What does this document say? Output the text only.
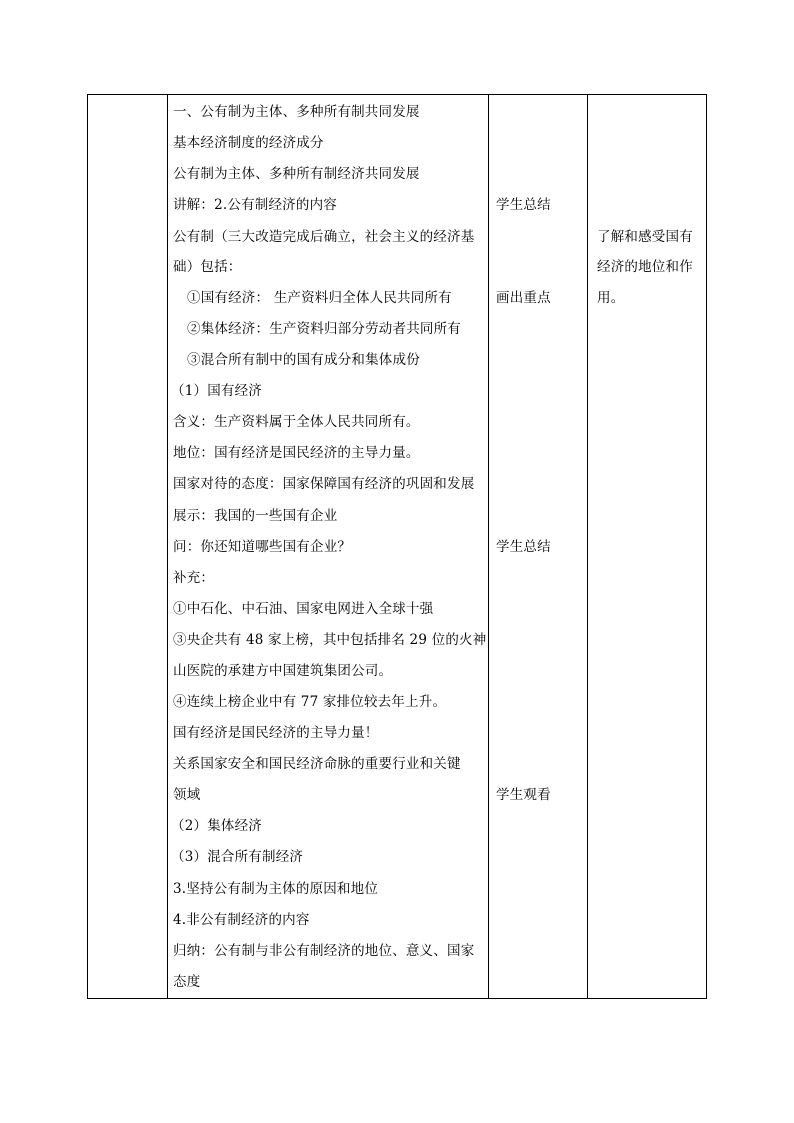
一、公有制为主体、多种所有制共同发展
基本经济制度的经济成分
公有制为主体、多种所有制经济共同发展
讲解：2.公有制经济的内容
公有制（三大改造完成后确立，社会主义的经济基
础）包括：
①国有经济： 生产资料归全体人民共同所有
②集体经济：生产资料归部分劳动者共同所有
③混合所有制中的国有成分和集体成份
（1）国有经济
含义：生产资料属于全体人民共同所有。
地位：国有经济是国民经济的主导力量。
国家对待的态度：国家保障国有经济的巩固和发展
展示：我国的一些国有企业
问：你还知道哪些国有企业？
补充：
①中石化、中石油、国家电网进入全球十强
③央企共有 48 家上榜，其中包括排名 29 位的火神
山医院的承建方中国建筑集团公司。
④连续上榜企业中有 77 家排位较去年上升。
国有经济是国民经济的主导力量！
关系国家安全和国民经济命脉的重要行业和关键
领域
（2）集体经济
（3）混合所有制经济
3.坚持公有制为主体的原因和地位
4.非公有制经济的内容
归纳：公有制与非公有制经济的地位、意义、国家
态度
学生总结
画出重点
学生总结
学生观看
了解和感受国有
经济的地位和作
用。
